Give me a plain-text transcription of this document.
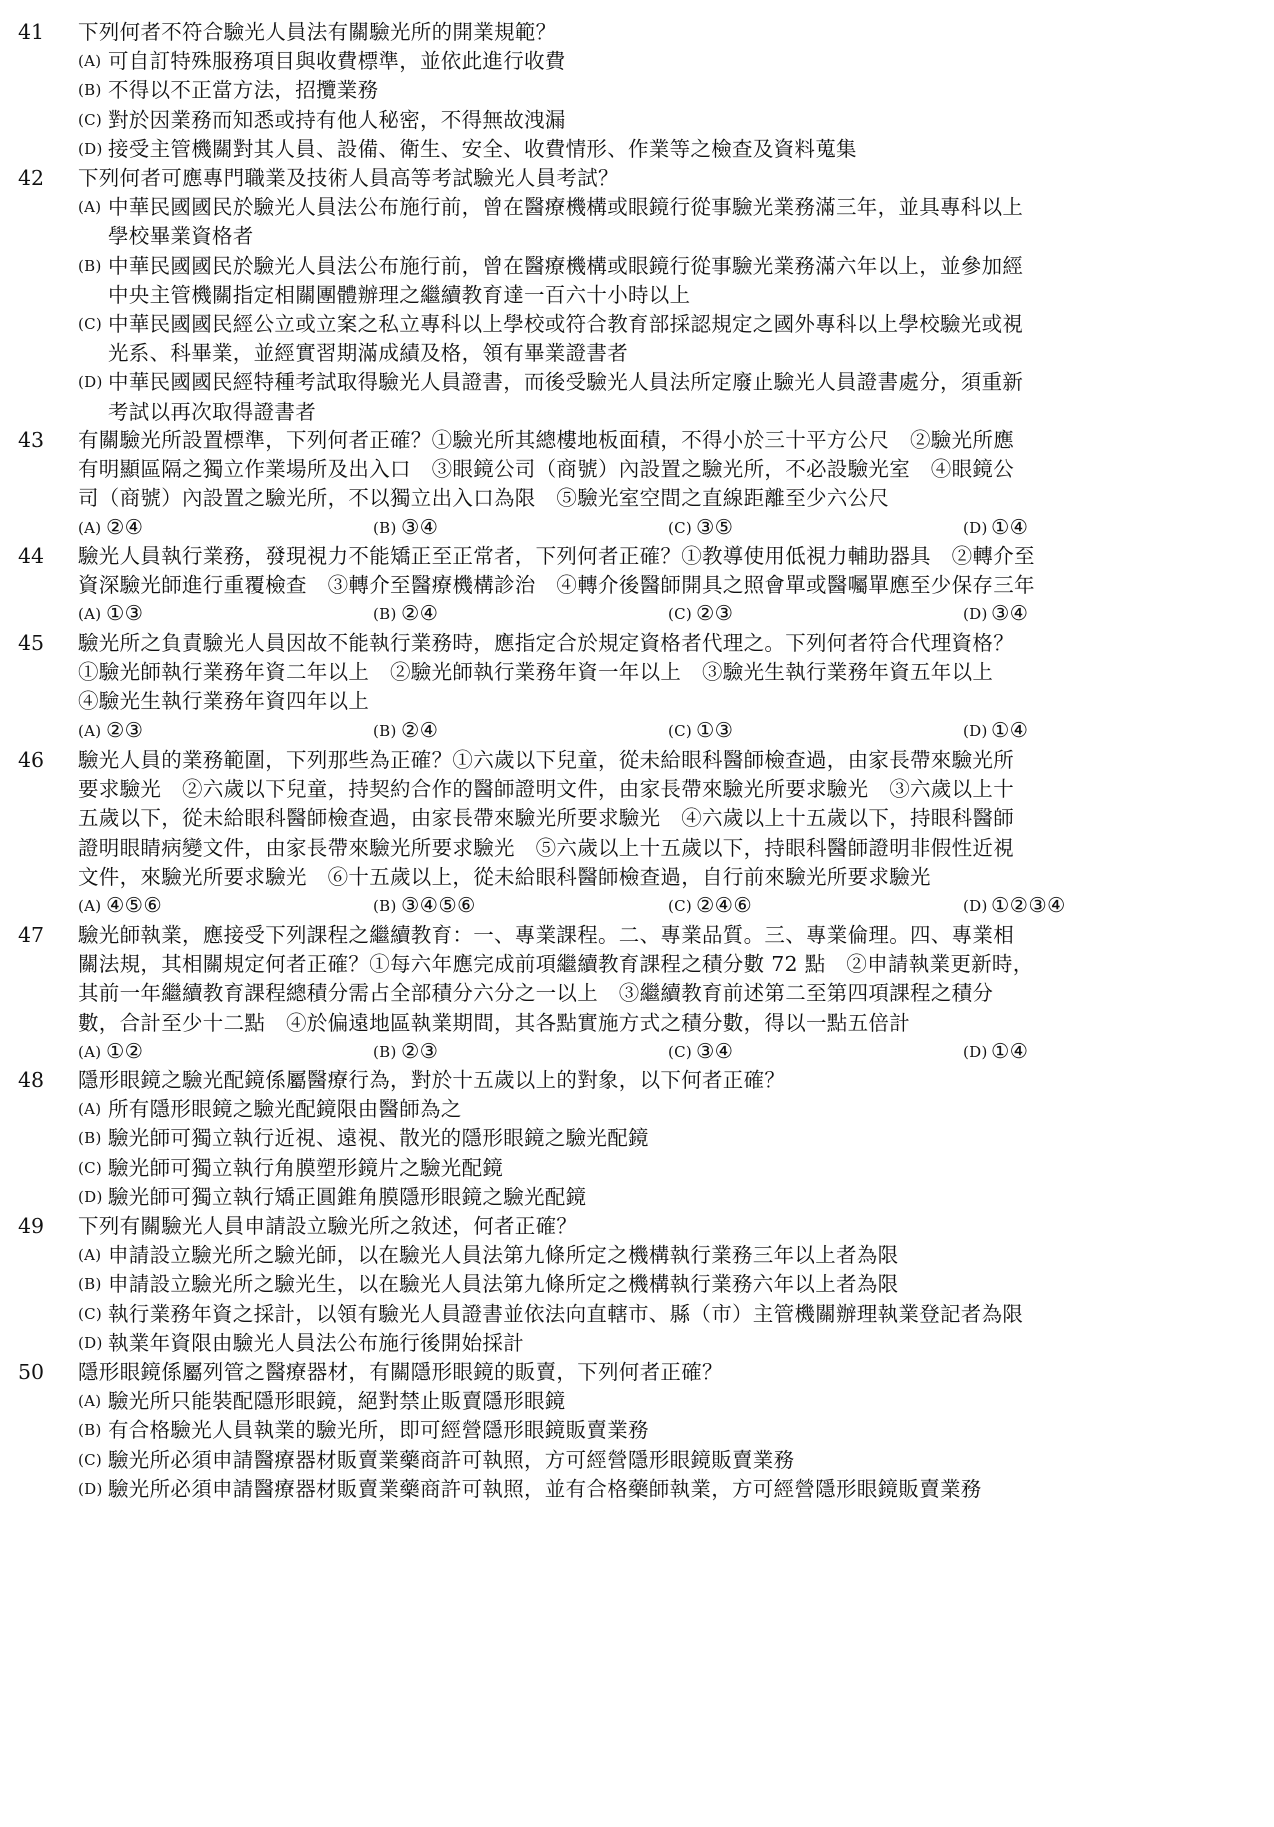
41 下列何者不符合驗光人員法有關驗光所的開業規範？
(A) 可自訂特殊服務項目與收費標準，並依此進行收費
(B) 不得以不正當方法，招攬業務
(C) 對於因業務而知悉或持有他人秘密，不得無故洩漏
(D) 接受主管機關對其人員、設備、衛生、安全、收費情形、作業等之檢查及資料蒐集
42 下列何者可應專門職業及技術人員高等考試驗光人員考試？
(A) 中華民國國民於驗光人員法公布施行前，曾在醫療機構或眼鏡行從事驗光業務滿三年，並具專科以上
學校畢業資格者
(B) 中華民國國民於驗光人員法公布施行前，曾在醫療機構或眼鏡行從事驗光業務滿六年以上，並參加經
中央主管機關指定相關團體辦理之繼續教育達一百六十小時以上
(C) 中華民國國民經公立或立案之私立專科以上學校或符合教育部採認規定之國外專科以上學校驗光或視
光系、科畢業，並經實習期滿成績及格，領有畢業證書者
(D) 中華民國國民經特種考試取得驗光人員證書，而後受驗光人員法所定廢止驗光人員證書處分，須重新
考試以再次取得證書者
43 有關驗光所設置標準，下列何者正確？①驗光所其總樓地板面積，不得小於三十平方公尺　②驗光所應
有明顯區隔之獨立作業場所及出入口　③眼鏡公司（商號）內設置之驗光所，不必設驗光室　④眼鏡公
司（商號）內設置之驗光所，不以獨立出入口為限　⑤驗光室空間之直線距離至少六公尺
(A) ②④	(B) ③④	(C) ③⑤	(D) ①④
44 驗光人員執行業務，發現視力不能矯正至正常者，下列何者正確？①教導使用低視力輔助器具　②轉介至
資深驗光師進行重覆檢查　③轉介至醫療機構診治　④轉介後醫師開具之照會單或醫囑單應至少保存三年
(A) ①③	(B) ②④	(C) ②③	(D) ③④
45 驗光所之負責驗光人員因故不能執行業務時，應指定合於規定資格者代理之。下列何者符合代理資格？
①驗光師執行業務年資二年以上　②驗光師執行業務年資一年以上　③驗光生執行業務年資五年以上
④驗光生執行業務年資四年以上
(A) ②③	(B) ②④	(C) ①③	(D) ①④
46 驗光人員的業務範圍，下列那些為正確？①六歲以下兒童，從未給眼科醫師檢查過，由家長帶來驗光所
要求驗光　②六歲以下兒童，持契約合作的醫師證明文件，由家長帶來驗光所要求驗光　③六歲以上十
五歲以下，從未給眼科醫師檢查過，由家長帶來驗光所要求驗光　④六歲以上十五歲以下，持眼科醫師
證明眼睛病變文件，由家長帶來驗光所要求驗光　⑤六歲以上十五歲以下，持眼科醫師證明非假性近視
文件，來驗光所要求驗光　⑥十五歲以上，從未給眼科醫師檢查過，自行前來驗光所要求驗光
(A) ④⑤⑥	(B) ③④⑤⑥	(C) ②④⑥	(D) ①②③④
47 驗光師執業，應接受下列課程之繼續教育：一、專業課程。二、專業品質。三、專業倫理。四、專業相
關法規，其相關規定何者正確？①每六年應完成前項繼續教育課程之積分數 72 點　②申請執業更新時，
其前一年繼續教育課程總積分需占全部積分六分之一以上　③繼續教育前述第二至第四項課程之積分
數，合計至少十二點　④於偏遠地區執業期間，其各點實施方式之積分數，得以一點五倍計
(A) ①②	(B) ②③	(C) ③④	(D) ①④
48 隱形眼鏡之驗光配鏡係屬醫療行為，對於十五歲以上的對象，以下何者正確？
(A) 所有隱形眼鏡之驗光配鏡限由醫師為之
(B) 驗光師可獨立執行近視、遠視、散光的隱形眼鏡之驗光配鏡
(C) 驗光師可獨立執行角膜塑形鏡片之驗光配鏡
(D) 驗光師可獨立執行矯正圓錐角膜隱形眼鏡之驗光配鏡
49 下列有關驗光人員申請設立驗光所之敘述，何者正確？
(A) 申請設立驗光所之驗光師，以在驗光人員法第九條所定之機構執行業務三年以上者為限
(B) 申請設立驗光所之驗光生，以在驗光人員法第九條所定之機構執行業務六年以上者為限
(C) 執行業務年資之採計，以領有驗光人員證書並依法向直轄市、縣（市）主管機關辦理執業登記者為限
(D) 執業年資限由驗光人員法公布施行後開始採計
50 隱形眼鏡係屬列管之醫療器材，有關隱形眼鏡的販賣，下列何者正確？
(A) 驗光所只能裝配隱形眼鏡，絕對禁止販賣隱形眼鏡
(B) 有合格驗光人員執業的驗光所，即可經營隱形眼鏡販賣業務
(C) 驗光所必須申請醫療器材販賣業藥商許可執照，方可經營隱形眼鏡販賣業務
(D) 驗光所必須申請醫療器材販賣業藥商許可執照，並有合格藥師執業，方可經營隱形眼鏡販賣業務
